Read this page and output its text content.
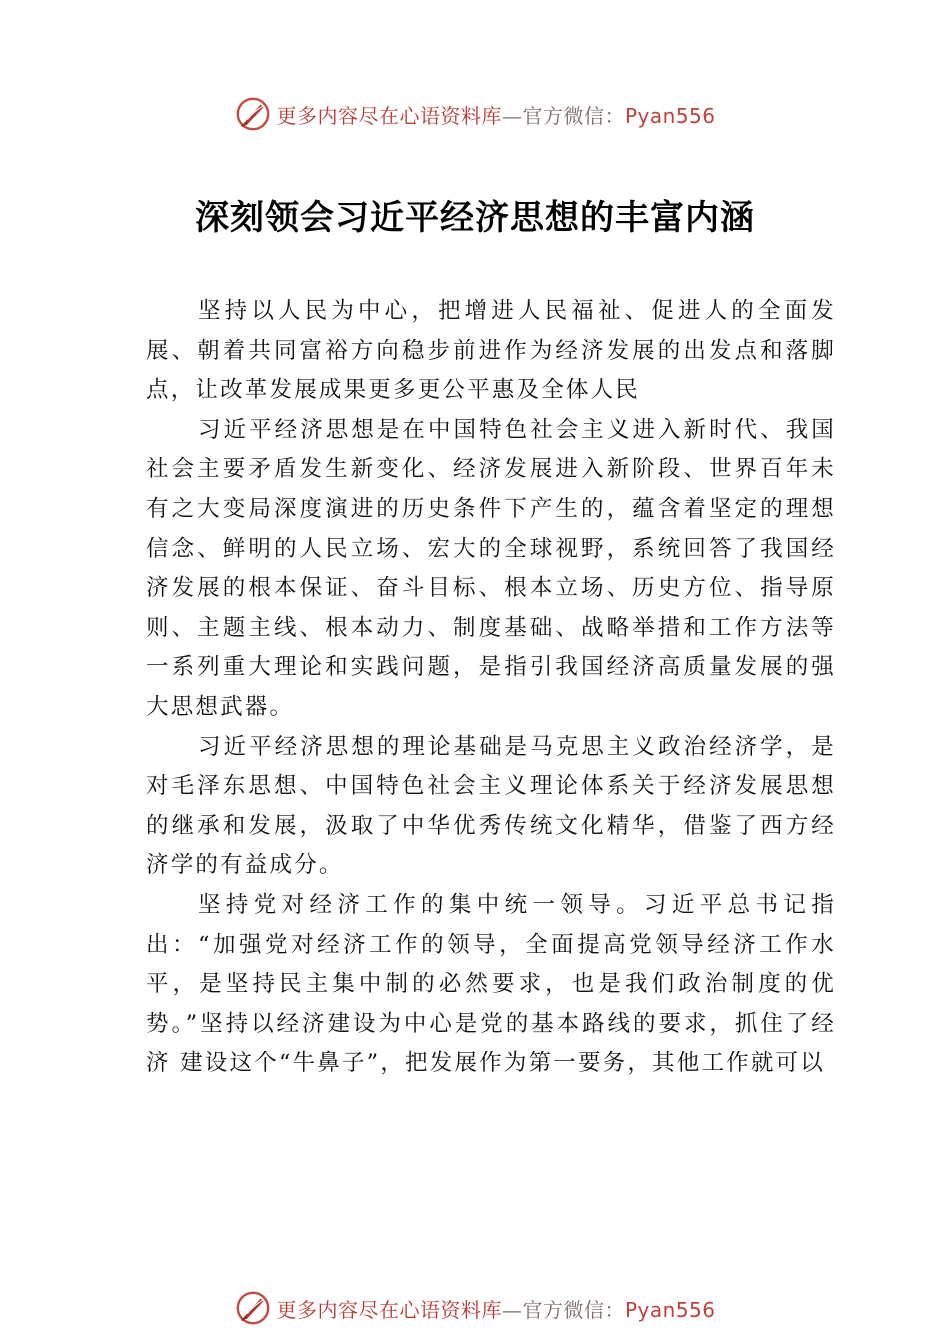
更多内容尽在心语资料库—官方微信：Pyan556
深刻领会习近平经济思想的丰富内涵

坚持以人民为中心，把增进人民福祉、促进人的全面发展、朝着共同富裕方向稳步前进作为经济发展的出发点和落脚点，让改革发展成果更多更公平惠及全体人民

习近平经济思想是在中国特色社会主义进入新时代、我国社会主要矛盾发生新变化、经济发展进入新阶段、世界百年未有之大变局深度演进的历史条件下产生的，蕴含着坚定的理想信念、鲜明的人民立场、宏大的全球视野，系统回答了我国经济发展的根本保证、奋斗目标、根本立场、历史方位、指导原则、主题主线、根本动力、制度基础、战略举措和工作方法等一系列重大理论和实践问题，是指引我国经济高质量发展的强大思想武器。

习近平经济思想的理论基础是马克思主义政治经济学，是对毛泽东思想、中国特色社会主义理论体系关于经济发展思想的继承和发展，汲取了中华优秀传统文化精华，借鉴了西方经济学的有益成分。

坚持党对经济工作的集中统一领导。习近平总书记指出：“加强党对经济工作的领导，全面提高党领导经济工作水平，是坚持民主集中制的必然要求，也是我们政治制度的优势。”坚持以经济建设为中心是党的基本路线的要求，抓住了经济 建设这个“牛鼻子”，把发展作为第一要务，其他工作就可以

更多内容尽在心语资料库—官方微信：Pyan556
